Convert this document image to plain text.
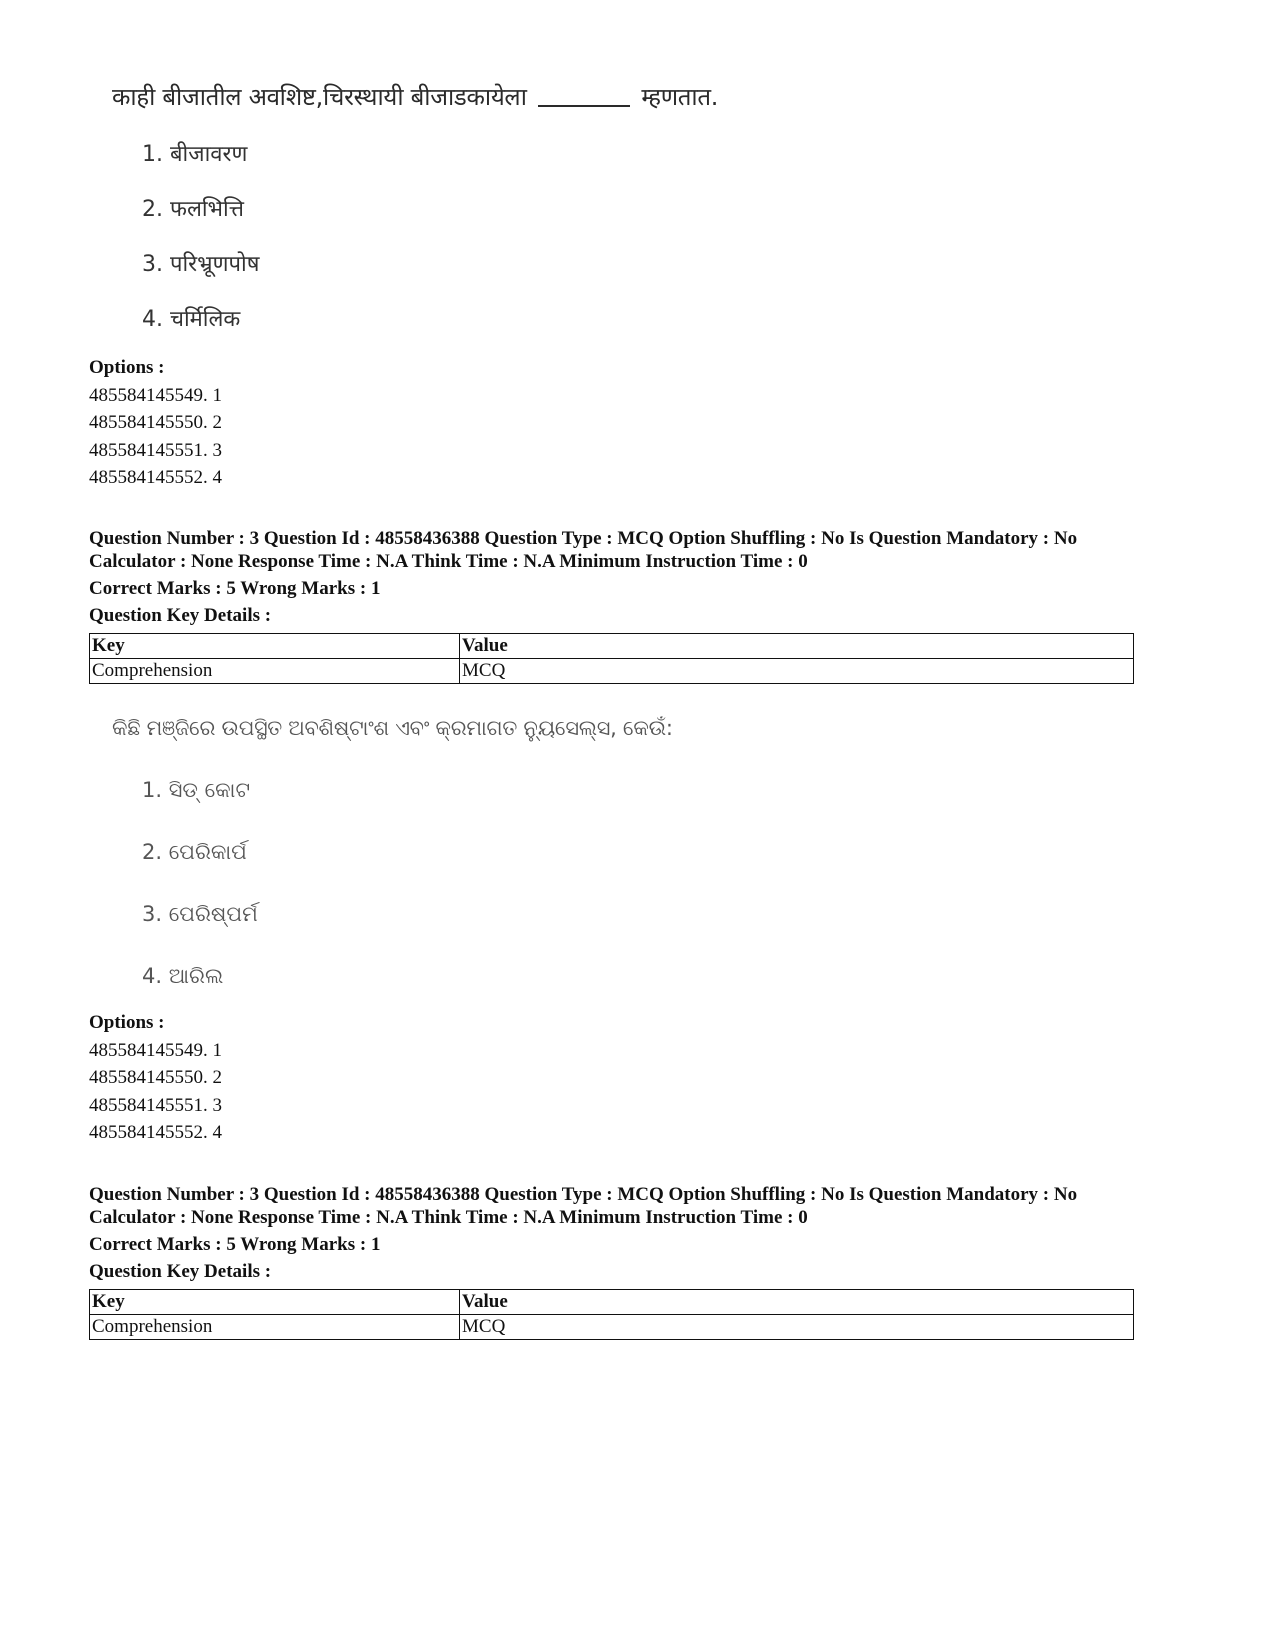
काही बीजातील अवशिष्ट,चिरस्थायी बीजाडकायेला	म्हणतात.
1. बीजावरण
2. फलभित्ति
3. परिभ्रूणपोष
4. चर्मिलिक
Options :
485584145549. 1
485584145550. 2
485584145551. 3
485584145552. 4
Question Number : 3 Question Id : 48558436388 Question Type : MCQ Option Shuffling : No Is Question Mandatory : No
Calculator : None Response Time : N.A Think Time : N.A Minimum Instruction Time : 0
Correct Marks : 5 Wrong Marks : 1
Question Key Details :
Key	Value
Comprehension	MCQ
କିଛି ମଞ୍ଜିରେ ଉପସ୍ଥିତ ଅବଶିଷ୍ଟାଂଶ ଏବଂ କ୍ରମାଗତ ନ୍ୟୁସେଲ୍ସ, କେଉଁ:
1. ସିଡ୍ କୋଟ
2. ପେରିକାର୍ପ
3. ପେରିଷ୍ପର୍ମ
4. ଆରିଲ
Options :
485584145549. 1
485584145550. 2
485584145551. 3
485584145552. 4
Question Number : 3 Question Id : 48558436388 Question Type : MCQ Option Shuffling : No Is Question Mandatory : No
Calculator : None Response Time : N.A Think Time : N.A Minimum Instruction Time : 0
Correct Marks : 5 Wrong Marks : 1
Question Key Details :
Key	Value
Comprehension	MCQ
